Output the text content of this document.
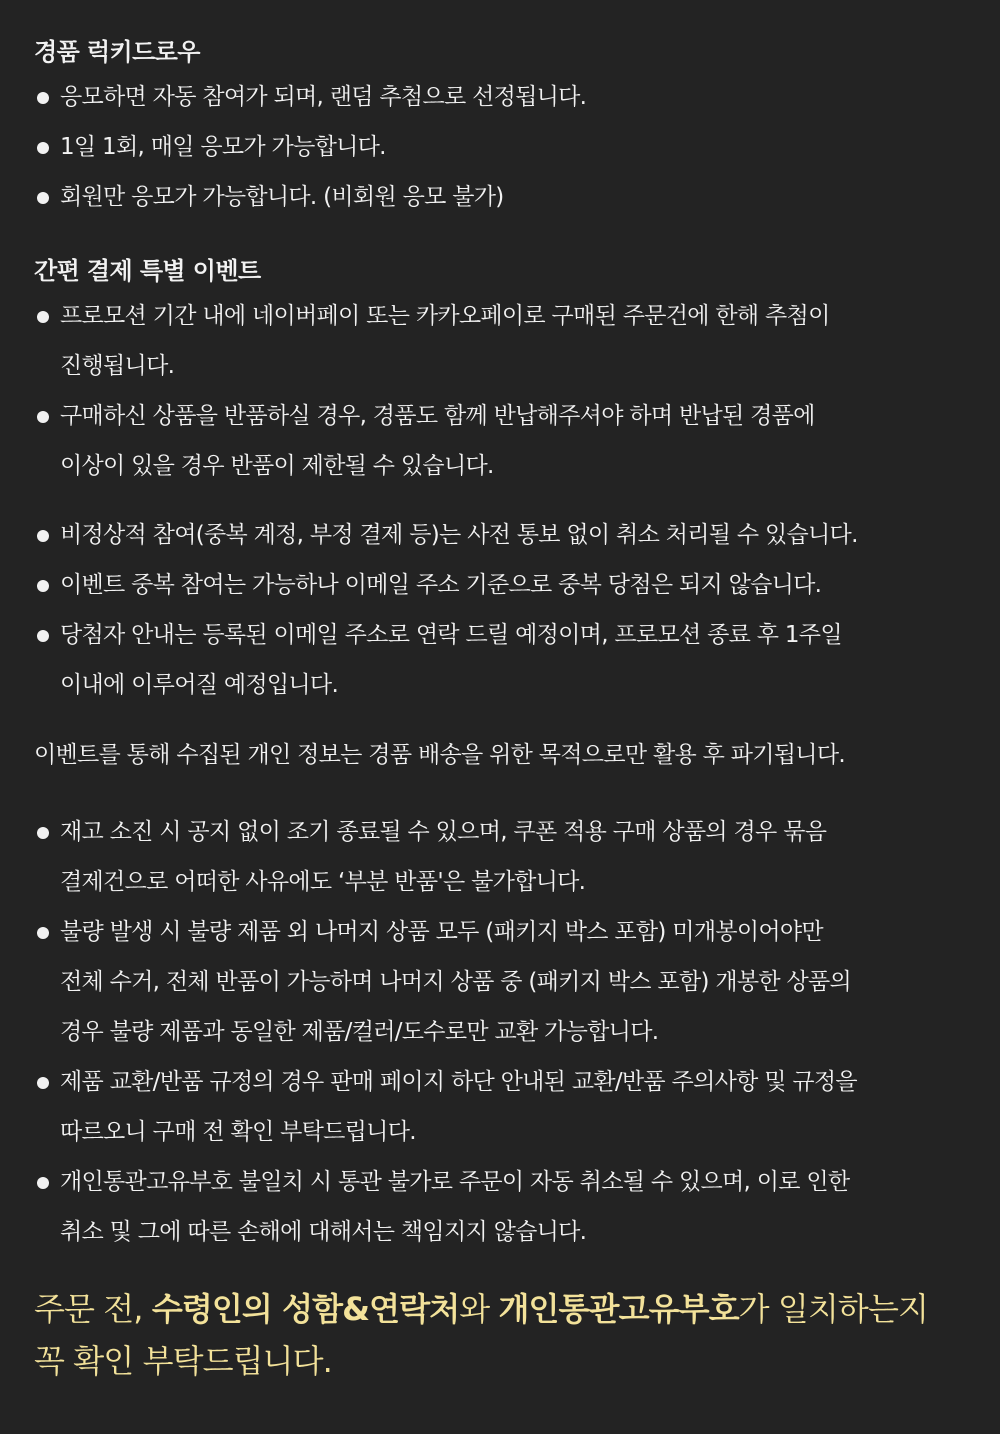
경품 럭키드로우
응모하면 자동 참여가 되며, 랜덤 추첨으로 선정됩니다.
1일 1회, 매일 응모가 가능합니다.
회원만 응모가 가능합니다. (비회원 응모 불가)
간편 결제 특별 이벤트
프로모션 기간 내에 네이버페이 또는 카카오페이로 구매된 주문건에 한해 추첨이
진행됩니다.
구매하신 상품을 반품하실 경우, 경품도 함께 반납해주셔야 하며 반납된 경품에
이상이 있을 경우 반품이 제한될 수 있습니다.
비정상적 참여(중복 계정, 부정 결제 등)는 사전 통보 없이 취소 처리될 수 있습니다.
이벤트 중복 참여는 가능하나 이메일 주소 기준으로 중복 당첨은 되지 않습니다.
당첨자 안내는 등록된 이메일 주소로 연락 드릴 예정이며, 프로모션 종료 후 1주일
이내에 이루어질 예정입니다.

이벤트를 통해 수집된 개인 정보는 경품 배송을 위한 목적으로만 활용 후 파기됩니다.

재고 소진 시 공지 없이 조기 종료될 수 있으며, 쿠폰 적용 구매 상품의 경우 묶음
결제건으로 어떠한 사유에도 ‘부분 반품'은 불가합니다.
불량 발생 시 불량 제품 외 나머지 상품 모두 (패키지 박스 포함) 미개봉이어야만
전체 수거, 전체 반품이 가능하며 나머지 상품 중 (패키지 박스 포함) 개봉한 상품의
경우 불량 제품과 동일한 제품/컬러/도수로만 교환 가능합니다.
제품 교환/반품 규정의 경우 판매 페이지 하단 안내된 교환/반품 주의사항 및 규정을
따르오니 구매 전 확인 부탁드립니다.
개인통관고유부호 불일치 시 통관 불가로 주문이 자동 취소될 수 있으며, 이로 인한
취소 및 그에 따른 손해에 대해서는 책임지지 않습니다.

주문 전, 수령인의 성함&연락처와 개인통관고유부호가 일치하는지
꼭 확인 부탁드립니다.
